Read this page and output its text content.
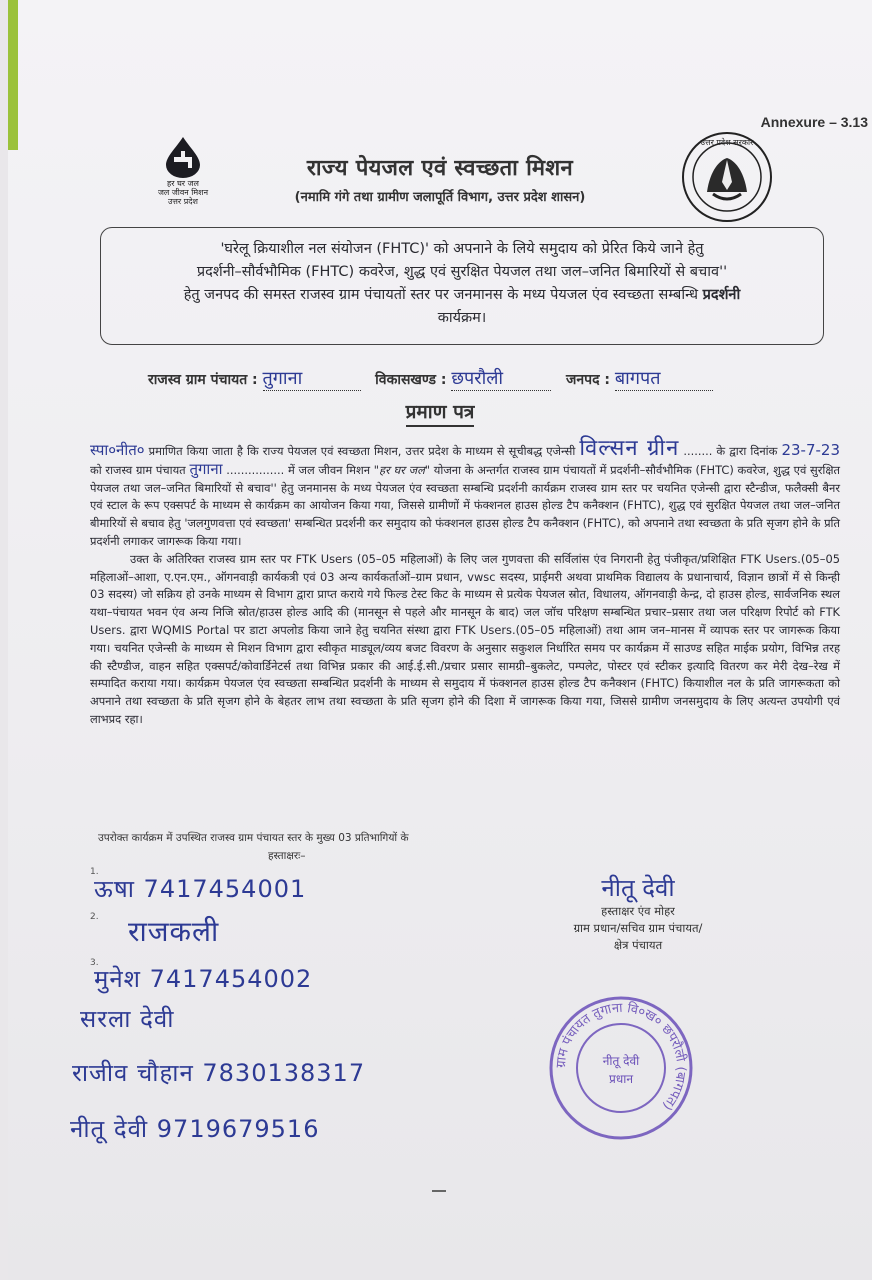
Annexure – 3.13
हर घर जल
जल जीवन मिशन
उत्तर प्रदेश
उत्तर प्रदेश सरकार
राज्य पेयजल एवं स्वच्छता मिशन
(नमामि गंगे तथा ग्रामीण जलापूर्ति विभाग, उत्तर प्रदेश शासन)
'घरेलू क्रियाशील नल संयोजन (FHTC)' को अपनाने के लिये समुदाय को प्रेरित किये जाने हेतु
प्रदर्शनी–सौर्वभौमिक (FHTC) कवरेज, शुद्ध एवं सुरक्षित पेयजल तथा जल–जनित बिमारियों से बचाव''
हेतु जनपद की समस्त राजस्व ग्राम पंचायतों स्तर पर जनमानस के मध्य पेयजल एंव स्वच्छता सम्बन्धि प्रदर्शनी
कार्यक्रम।
राजस्व ग्राम पंचायत : तुगाना	विकासखण्ड : छपरौली	जनपद : बागपत
प्रमाण पत्र

स्पा०नीत० प्रमाणित किया जाता है कि राज्य पेयजल एवं स्वच्छता मिशन, उत्तर प्रदेश के माध्यम से सूचीबद्ध एजेन्सी विल्सन ग्रीन ........ के द्वारा दिनांक 23-7-23 को राजस्व ग्राम पंचायत तुगाना ................ में जल जीवन मिशन "हर घर जल" योजना के अन्तर्गत राजस्व ग्राम पंचायतों में प्रदर्शनी–सौर्वभौमिक (FHTC) कवरेज, शुद्ध एवं सुरक्षित पेयजल तथा जल–जनित बिमारियों से बचाव'' हेतु जनमानस के मध्य पेयजल एंव स्वच्छता सम्बन्धि प्रदर्शनी कार्यक्रम राजस्व ग्राम स्तर पर चयनित एजेन्सी द्वारा स्टैन्डीज, फलैक्सी बैनर एवं स्टाल के रूप एक्सपर्ट के माध्यम से कार्यक्रम का आयोजन किया गया, जिससे ग्रामीणों में फंक्शनल हाउस होल्ड टैप कनैक्शन (FHTC), शुद्ध एवं सुरक्षित पेयजल तथा जल–जनित बीमारियों से बचाव हेतु 'जलगुणवत्ता एवं स्वच्छता' सम्बन्धित प्रदर्शनी कर समुदाय को फंक्शनल हाउस होल्ड टैप कनैक्शन (FHTC), को अपनाने तथा स्वच्छता के प्रति सृजग होने के प्रति प्रदर्शनी लगाकर जागरूक किया गया।

उक्त के अतिरिक्त राजस्व ग्राम स्तर पर FTK Users (05–05 महिलाओं) के लिए जल गुणवत्ता की सर्विलांस एंव निगरानी हेतु पंजीकृत/प्रशिक्षित FTK Users.(05–05 महिलाओं–आशा, ए.एन.एम., ऑगनवाड़ी कार्यकत्री एवं 03 अन्य कार्यकर्ताओं–ग्राम प्रधान, vwsc सदस्य, प्राईमरी अथवा प्राथमिक विद्यालय के प्रधानाचार्य, विज्ञान छात्रों में से किन्ही 03 सदस्य) जो सक्रिय हो उनके माध्यम से विभाग द्वारा प्राप्त कराये गये फिल्ड टेस्ट किट के माध्यम से प्रत्येक पेयजल स्रोत, विधालय, ऑगनवाड़ी केन्द्र, दो हाउस होल्ड, सार्वजनिक स्थल यथा–पंचायत भवन एंव अन्य निजि स्रोत/हाउस होल्ड आदि की (मानसून से पहले और मानसून के बाद) जल जॉच परिक्षण सम्बन्धित प्रचार–प्रसार तथा जल परिक्षण रिपोर्ट को FTK Users. द्वारा WQMIS Portal पर डाटा अपलोड किया जाने हेतु चयनित संस्था द्वारा FTK Users.(05–05 महिलाओं) तथा आम जन–मानस में व्यापक स्तर पर जागरूक किया गया। चयनित एजेन्सी के माध्यम से मिशन विभाग द्वारा स्वीकृत माड्यूल/व्यय बजट विवरण के अनुसार सकुशल निर्धारित समय पर कार्यक्रम में साउण्ड सहित माईक प्रयोग, विभिन्न तरह की स्टैण्डीज, वाहन सहित एक्सपर्ट/कोवार्डिनेटर्स तथा विभिन्न प्रकार की आई.ई.सी./प्रचार प्रसार सामग्री–बुकलेट, पम्पलेट, पोस्टर एवं स्टीकर इत्यादि वितरण कर मेरी देख–रेख में सम्पादित कराया गया। कार्यक्रम पेयजल एंव स्वच्छता सम्बन्धित प्रदर्शनी के माध्यम से समुदाय में फंक्शनल हाउस होल्ड टैप कनैक्शन (FHTC) कियाशील नल के प्रति जागरूकता को अपनाने तथा स्वच्छता के प्रति सृजग होने के बेहतर लाभ तथा स्वच्छता के प्रति सृजग होने की दिशा में जागरूक किया गया, जिससे ग्रामीण जनसमुदाय के लिए अत्यन्त उपयोगी एवं लाभप्रद रहा।

उपरोक्त कार्यक्रम में उपस्थित राजस्व ग्राम पंचायत स्तर के मुख्य 03 प्रतिभागियों के
हस्ताक्षरः–
नीतू देवी
हस्ताक्षर एंव मोहर
ग्राम प्रधान/सचिव ग्राम पंचायत/
क्षेत्र पंचायत
1.
ऊषा 7417454001
2. राजकली
3.
मुनेश 7417454002
सरला देवी
राजीव चौहान 7830138317
नीतू देवी 9719679516
ग्राम पंचायत तुगाना वि०ख० छपरौली (बागपत)
नीतू देवी
प्रधान
